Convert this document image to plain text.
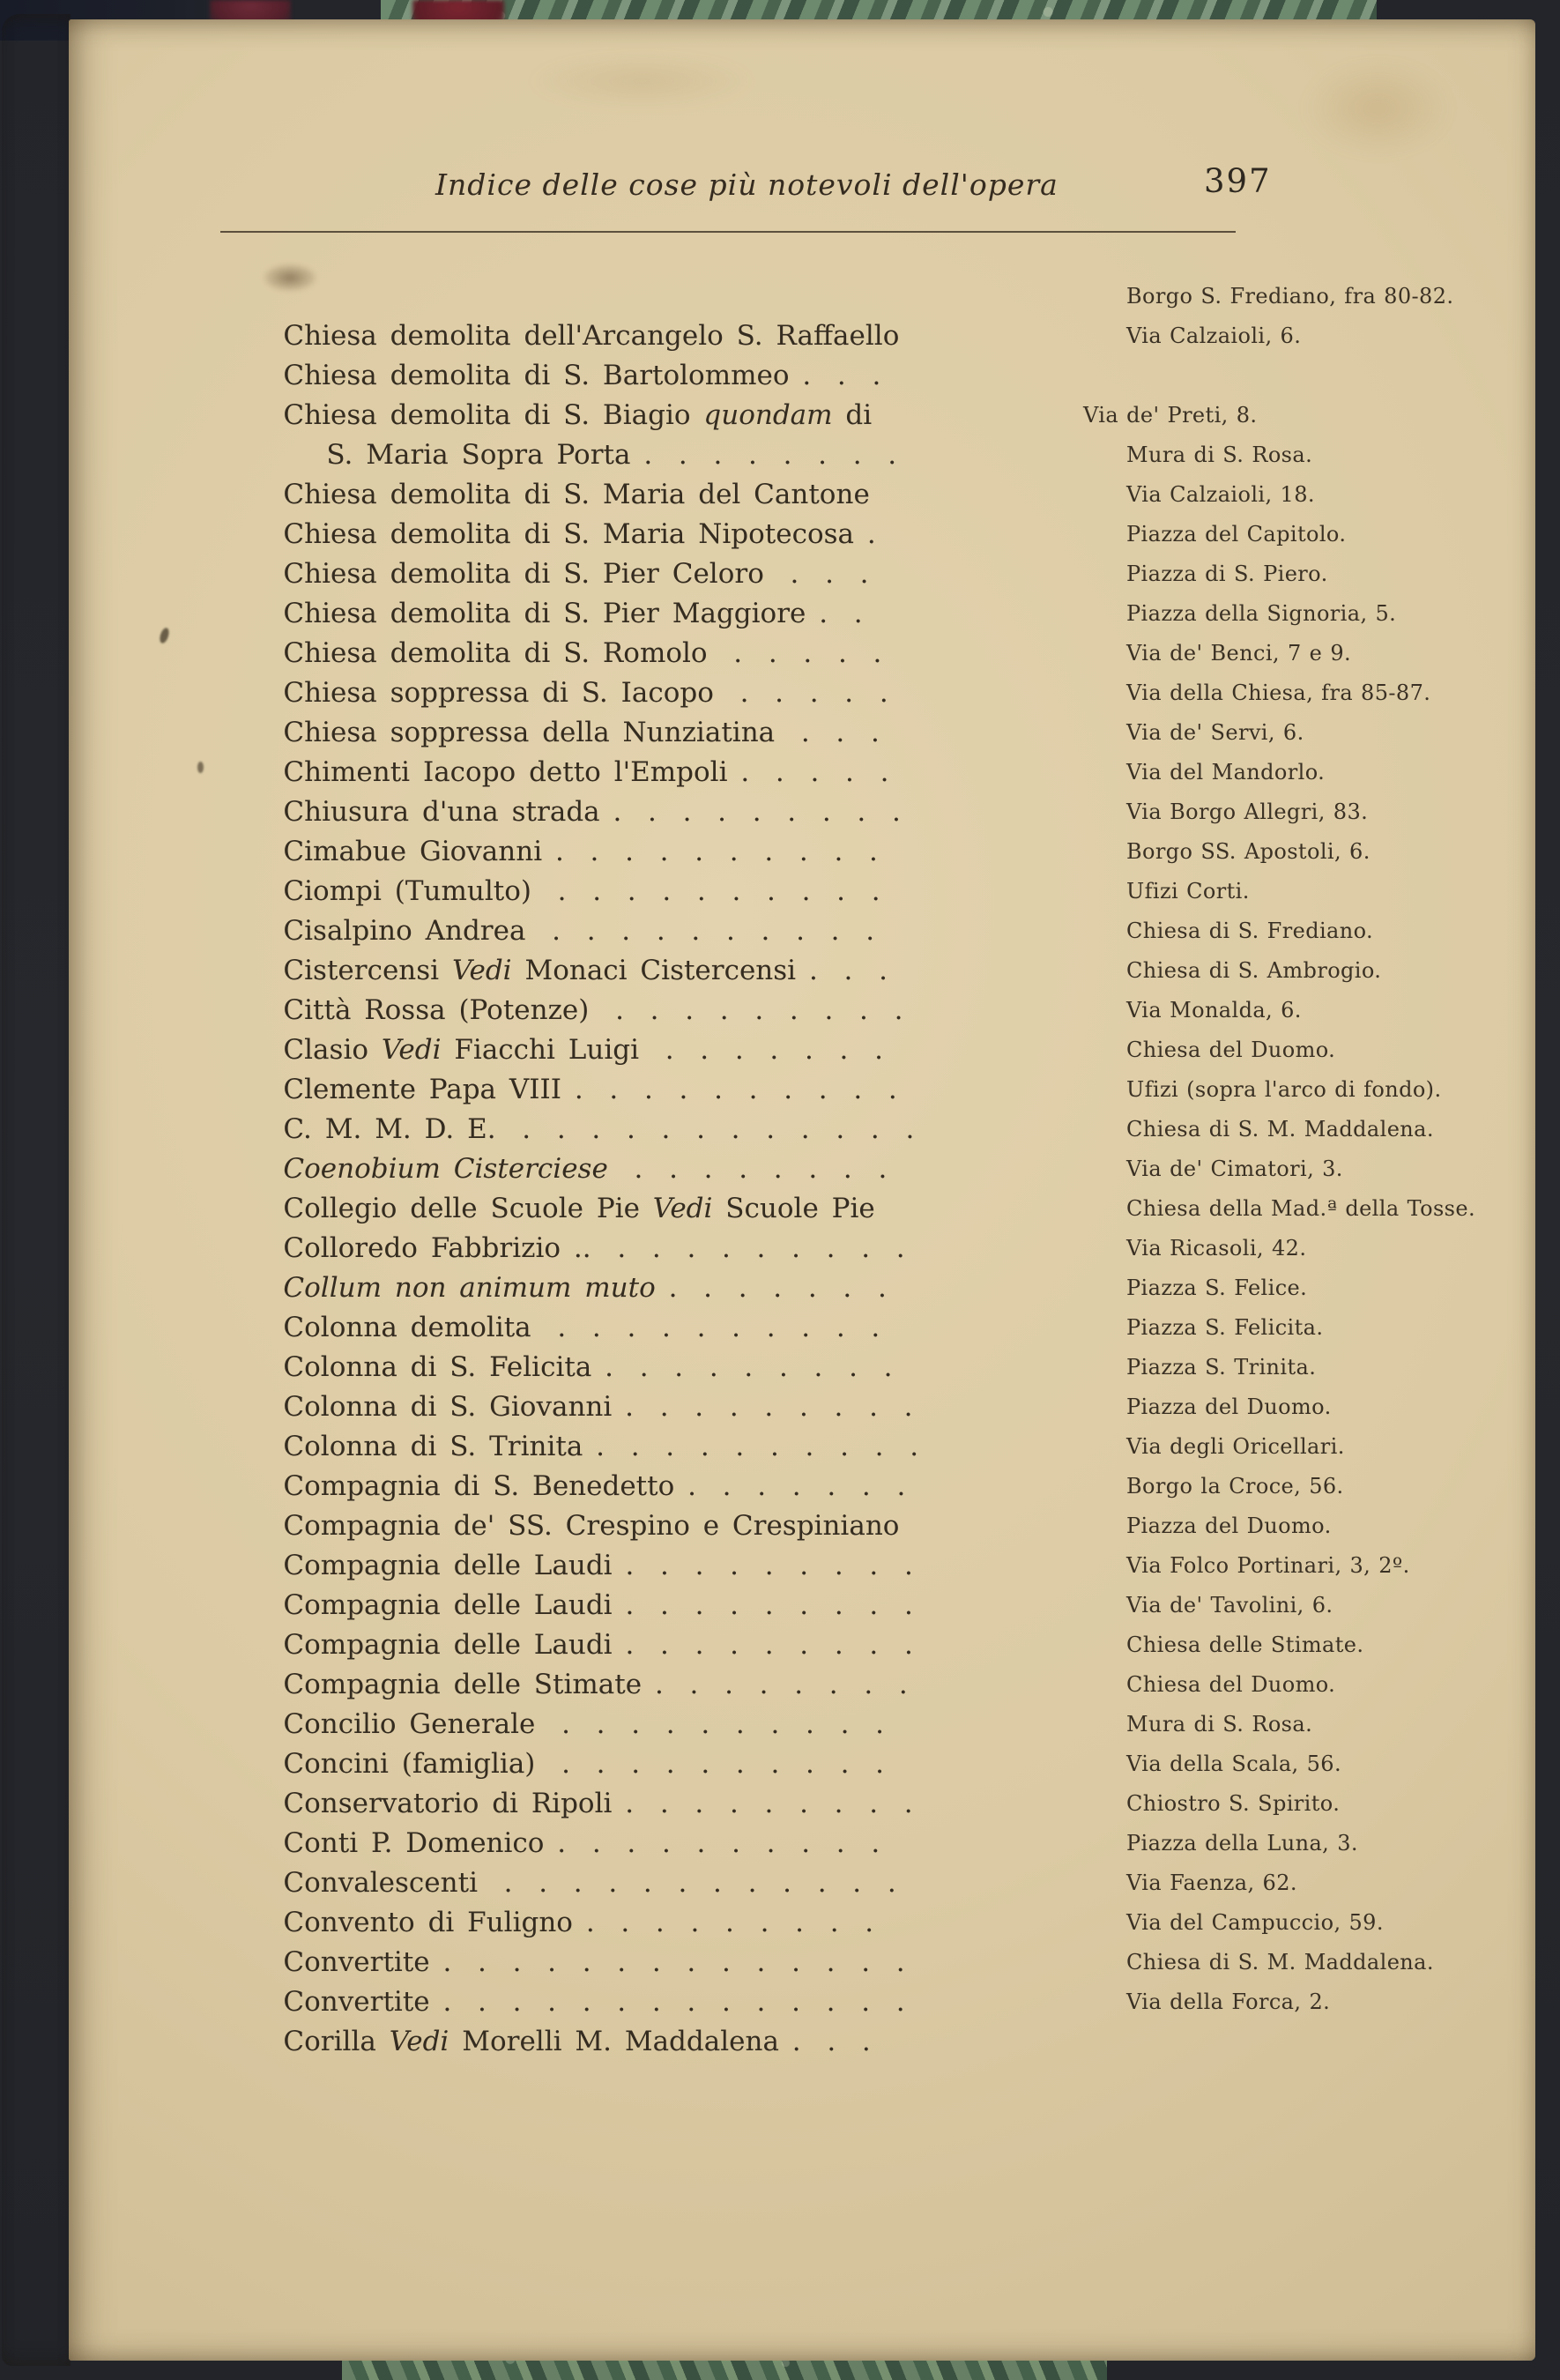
Indice delle cose più notevoli dell'opera	397

Chiesa demolita dell'Arcangelo S. Raffaello

Borgo S. Frediano, fra 80-82.

Chiesa demolita di S. Bartolommeo .  .  .

Via Calzaioli, 6.

Chiesa demolita di S. Biagio quondam di

S. Maria Sopra Porta .  .  .  .  .  .  .  .

Via de' Preti, 8.

Chiesa demolita di S. Maria del Cantone

Mura di S. Rosa.

Chiesa demolita di S. Maria Nipotecosa .

Via Calzaioli, 18.

Chiesa demolita di S. Pier Celoro  .  .  .

Piazza del Capitolo.

Chiesa demolita di S. Pier Maggiore .  .

Piazza di S. Piero.

Chiesa demolita di S. Romolo  .  .  .  .  .

Piazza della Signoria, 5.

Chiesa soppressa di S. Iacopo  .  .  .  .  .

Via de' Benci, 7 e 9.

Chiesa soppressa della Nunziatina  .  .  .

Via della Chiesa, fra 85-87.

Chimenti Iacopo detto l'Empoli .  .  .  .  .

Via de' Servi, 6.

Chiusura d'una strada .  .  .  .  .  .  .  .  .

Via del Mandorlo.

Cimabue Giovanni .  .  .  .  .  .  .  .  .  .

Via Borgo Allegri, 83.

Ciompi (Tumulto)  .  .  .  .  .  .  .  .  .  .

Borgo SS. Apostoli, 6.

Cisalpino Andrea  .  .  .  .  .  .  .  .  .  .

Ufizi Corti.

Cistercensi Vedi Monaci Cistercensi .  .  .

Chiesa di S. Frediano.

Città Rossa (Potenze)  .  .  .  .  .  .  .  .  .

Chiesa di S. Ambrogio.

Clasio Vedi Fiacchi Luigi  .  .  .  .  .  .  .

Via Monalda, 6.

Clemente Papa VIII .  .  .  .  .  .  .  .  .  .

Chiesa del Duomo.

C. M. M. D. E.  .  .  .  .  .  .  .  .  .  .  .  .

Ufizi (sopra l'arco di fondo).

Coenobium Cisterciese  .  .  .  .  .  .  .  .

Chiesa di S. M. Maddalena.

Collegio delle Scuole Pie Vedi Scuole Pie

Via de' Cimatori, 3.

Colloredo Fabbrizio ..  .  .  .  .  .  .  .  .  .

Chiesa della Mad.ª della Tosse.

Collum non animum muto .  .  .  .  .  .  .

Via Ricasoli, 42.

Colonna demolita  .  .  .  .  .  .  .  .  .  .

Piazza S. Felice.

Colonna di S. Felicita .  .  .  .  .  .  .  .  .

Piazza S. Felicita.

Colonna di S. Giovanni .  .  .  .  .  .  .  .  .

Piazza S. Trinita.

Colonna di S. Trinita .  .  .  .  .  .  .  .  .  .

Piazza del Duomo.

Compagnia di S. Benedetto .  .  .  .  .  .  .

Via degli Oricellari.

Compagnia de' SS. Crespino e Crespiniano

Borgo la Croce, 56.

Compagnia delle Laudi .  .  .  .  .  .  .  .  .

Piazza del Duomo.

Compagnia delle Laudi .  .  .  .  .  .  .  .  .

Via Folco Portinari, 3, 2º.

Compagnia delle Laudi .  .  .  .  .  .  .  .  .

Via de' Tavolini, 6.

Compagnia delle Stimate .  .  .  .  .  .  .  .

Chiesa delle Stimate.

Concilio Generale  .  .  .  .  .  .  .  .  .  .

Chiesa del Duomo.

Concini (famiglia)  .  .  .  .  .  .  .  .  .  .

Mura di S. Rosa.

Conservatorio di Ripoli .  .  .  .  .  .  .  .  .

Via della Scala, 56.

Conti P. Domenico .  .  .  .  .  .  .  .  .  .

Chiostro S. Spirito.

Convalescenti  .  .  .  .  .  .  .  .  .  .  .  .

Piazza della Luna, 3.

Convento di Fuligno .  .  .  .  .  .  .  .  .

Via Faenza, 62.

Convertite .  .  .  .  .  .  .  .  .  .  .  .  .  .

Via del Campuccio, 59.

Convertite .  .  .  .  .  .  .  .  .  .  .  .  .  .

Chiesa di S. M. Maddalena.

Corilla Vedi Morelli M. Maddalena .  .  .

Via della Forca, 2.
